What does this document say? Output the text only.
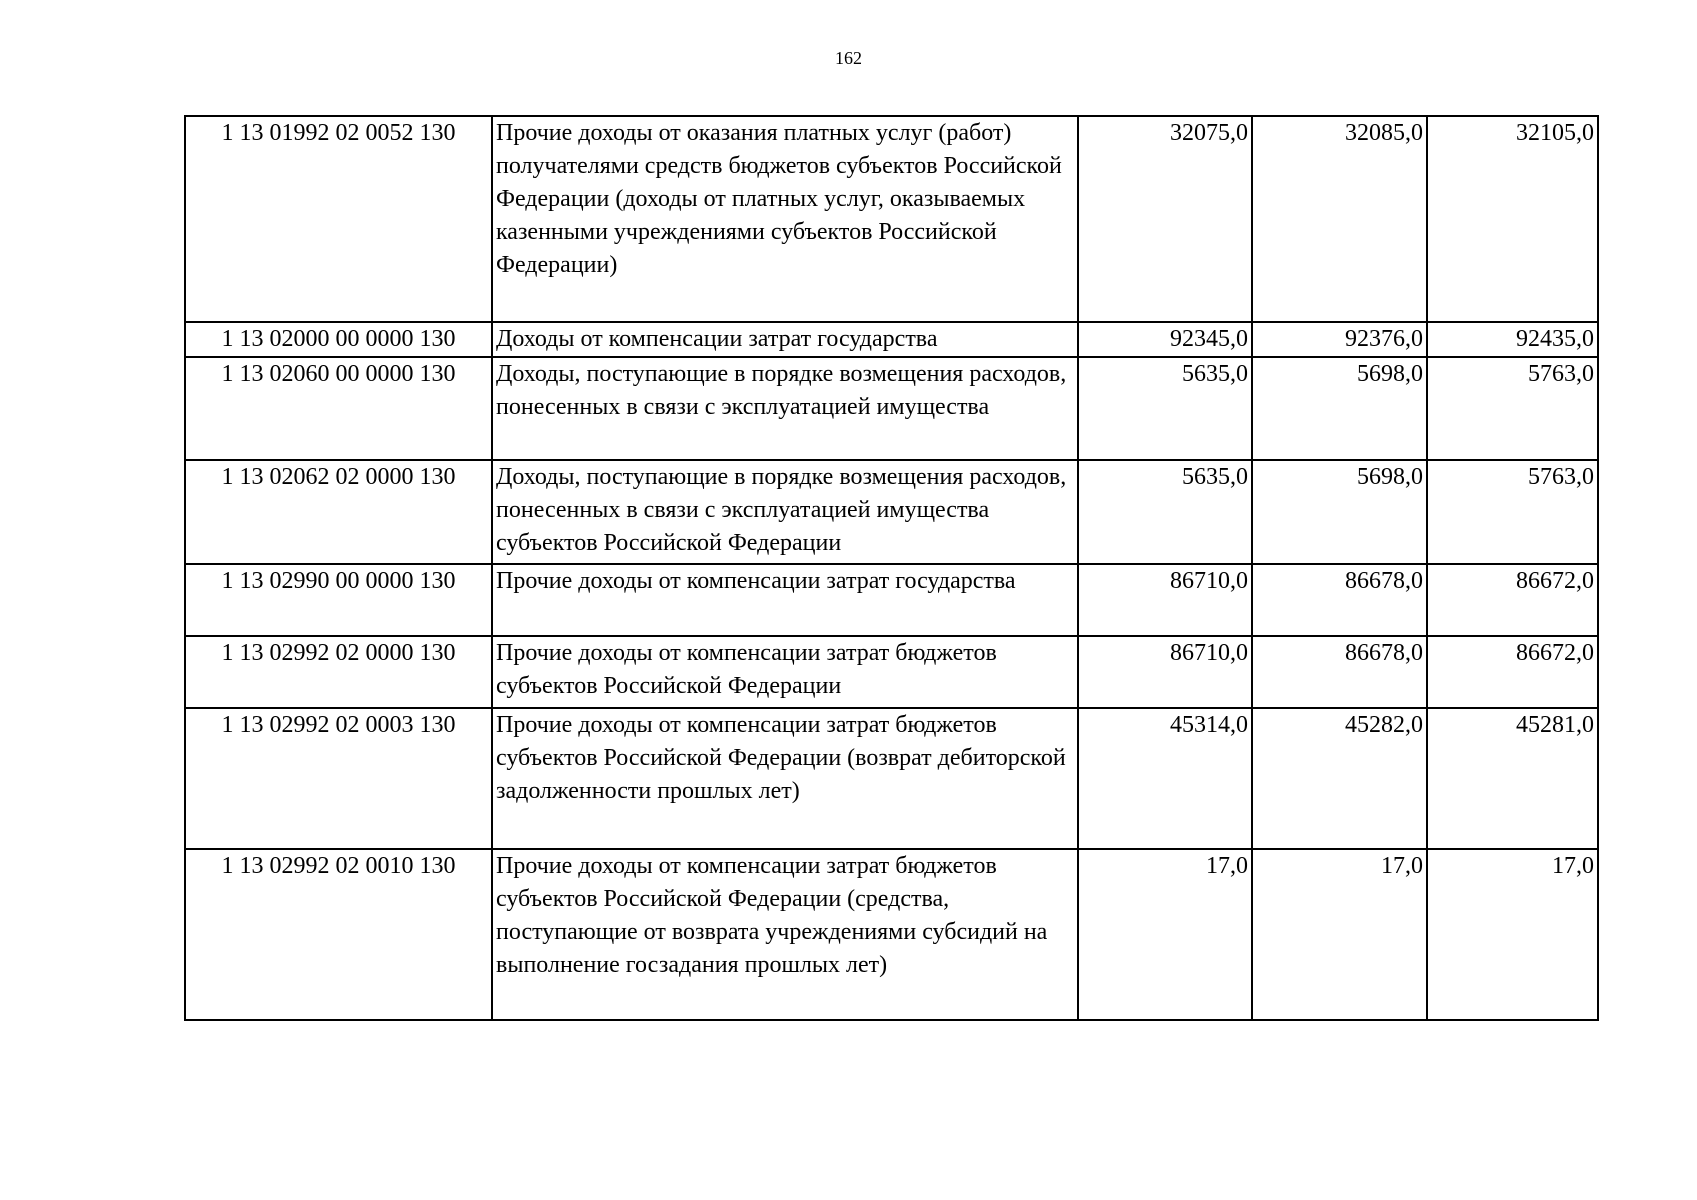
162
1 13 01992 02 0052 130	Прочие доходы от оказания платных услуг (работ) получателями средств бюджетов субъектов Российской Федерации (доходы от платных услуг, оказываемых казенными учреждениями субъектов Российской Федерации)	32075,0	32085,0	32105,0
1 13 02000 00 0000 130	Доходы от компенсации затрат государства	92345,0	92376,0	92435,0
1 13 02060 00 0000 130	Доходы, поступающие в порядке возмещения расходов, понесенных в связи с эксплуатацией имущества	5635,0	5698,0	5763,0
1 13 02062 02 0000 130	Доходы, поступающие в порядке возмещения расходов, понесенных в связи с эксплуатацией имущества субъектов Российской Федерации	5635,0	5698,0	5763,0
1 13 02990 00 0000 130	Прочие доходы от компенсации затрат государства	86710,0	86678,0	86672,0
1 13 02992 02 0000 130	Прочие доходы от компенсации затрат бюджетов субъектов Российской Федерации	86710,0	86678,0	86672,0
1 13 02992 02 0003 130	Прочие доходы от компенсации затрат бюджетов субъектов Российской Федерации (возврат дебиторской задолженности прошлых лет)	45314,0	45282,0	45281,0
1 13 02992 02 0010 130	Прочие доходы от компенсации затрат бюджетов субъектов Российской Федерации (средства, поступающие от возврата учреждениями субсидий на выполнение госзадания прошлых лет)	17,0	17,0	17,0
